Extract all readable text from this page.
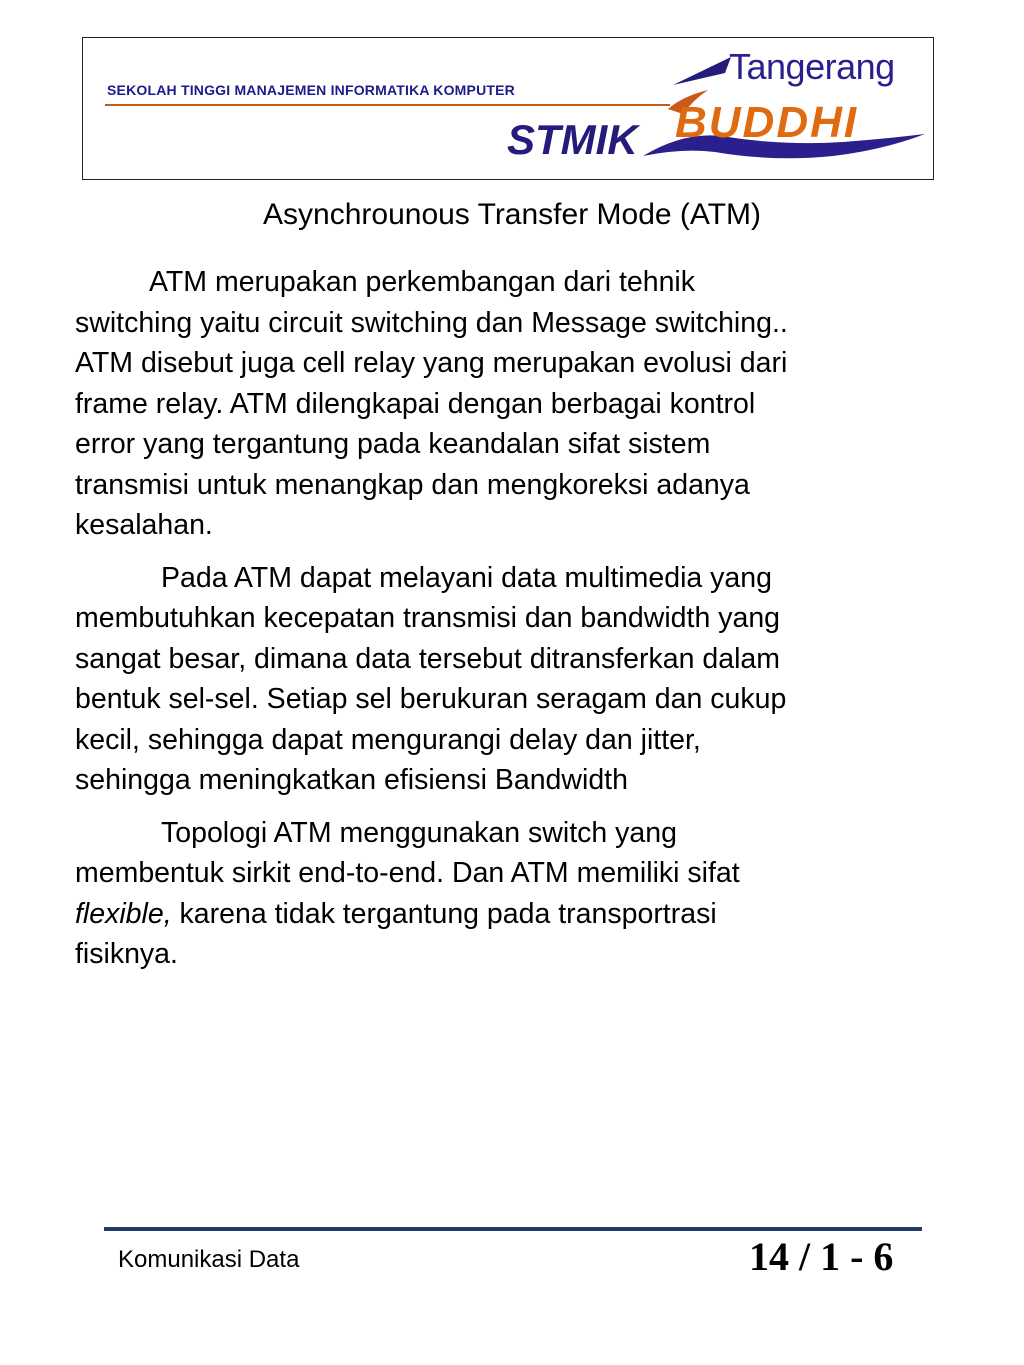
SEKOLAH TINGGI MANAJEMEN INFORMATIKA KOMPUTER
Tangerang
BUDDHI
STMIK
Asynchrounous Transfer Mode (ATM)

ATM merupakan perkembangan dari tehnik
switching yaitu circuit switching dan Message switching..
ATM disebut juga cell relay yang merupakan evolusi dari
frame relay. ATM dilengkapai dengan berbagai kontrol
error yang tergantung pada keandalan sifat sistem
transmisi untuk menangkap dan mengkoreksi adanya
kesalahan.

Pada ATM dapat melayani data multimedia yang
membutuhkan kecepatan transmisi dan bandwidth yang
sangat besar, dimana data tersebut ditransferkan dalam
bentuk sel-sel. Setiap sel berukuran seragam dan cukup
kecil, sehingga dapat mengurangi delay dan jitter,
sehingga meningkatkan efisiensi Bandwidth

Topologi ATM menggunakan switch yang
membentuk sirkit end-to-end. Dan ATM memiliki sifat
flexible, karena tidak tergantung pada transportrasi
fisiknya.

Komunikasi Data	14 / 1 - 6
